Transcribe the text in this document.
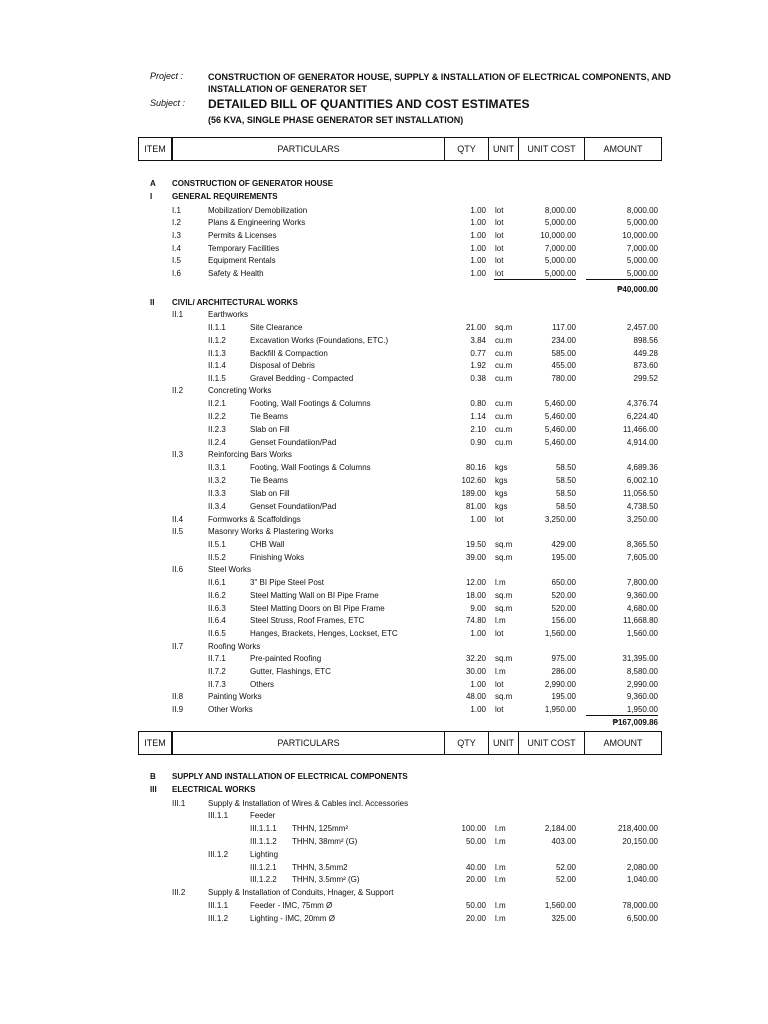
Project :	CONSTRUCTION OF GENERATOR HOUSE, SUPPLY & INSTALLATION OF ELECTRICAL COMPONENTS, AND
INSTALLATION OF GENERATOR SET
Subject : DETAILED BILL OF QUANTITIES AND COST ESTIMATES
(56 KVA, SINGLE PHASE GENERATOR SET INSTALLATION)
ITEM	PARTICULARS	QTY	UNIT	UNIT COST	AMOUNT
ITEM	PARTICULARS	QTY	UNIT	UNIT COST	AMOUNT
A CONSTRUCTION OF GENERATOR HOUSE
I GENERAL REQUIREMENTS
I.1	Mobilization/ Demobilization	1.00 lot	8,000.00	8,000.00
I.2	Plans & Engineering Works	1.00 lot	5,000.00	5,000.00
I.3	Permits & Licenses	1.00 lot	10,000.00	10,000.00
I.4	Temporary Facilities	1.00 lot	7,000.00	7,000.00
I.5	Equipment Rentals	1.00 lot	5,000.00	5,000.00
I.6	Safety & Health	1.00 lot	5,000.00	5,000.00
₱40,000.00
II CIVIL/ ARCHITECTURAL WORKS
II.1	Earthworks
II.1.1	Site Clearance	21.00 sq.m	117.00	2,457.00
II.1.2	Excavation Works (Foundations, ETC.)	3.84 cu.m	234.00	898.56
II.1.3	Backfill & Compaction	0.77 cu.m	585.00	449.28
II.1.4	Disposal of Debris	1.92 cu.m	455.00	873.60
II.1.5	Gravel Bedding - Compacted	0.38 cu.m	780.00	299.52
II.2	Concreting Works
II.2.1	Footing, Wall Footings & Columns	0.80 cu.m	5,460.00	4,376.74
II.2.2	Tie Beams	1.14 cu.m	5,460.00	6,224.40
II.2.3	Slab on Fill	2.10 cu.m	5,460.00	11,466.00
II.2.4	Genset Foundatiion/Pad	0.90 cu.m	5,460.00	4,914.00
II.3	Reinforcing Bars Works
II.3.1	Footing, Wall Footings & Columns	80.16 kgs	58.50	4,689.36
II.3.2	Tie Beams	102.60 kgs	58.50	6,002.10
II.3.3	Slab on Fill	189.00 kgs	58.50	11,056.50
II.3.4	Genset Foundatiion/Pad	81.00 kgs	58.50	4,738.50
II.4	Formworks & Scaffoldings	1.00 lot	3,250.00	3,250.00
II.5	Masonry Works & Plastering Works
II.5.1	CHB Wall	19.50 sq.m	429.00	8,365.50
II.5.2	Finishing Woks	39.00 sq.m	195.00	7,605.00
II.6	Steel Works
II.6.1	3" BI Pipe Steel Post	12.00 l.m	650.00	7,800.00
II.6.2	Steel Matting Wall on BI Pipe Frame	18.00 sq.m	520.00	9,360.00
II.6.3	Steel Matting Doors on BI Pipe Frame	9.00 sq.m	520.00	4,680.00
II.6.4	Steel Struss, Roof Frames, ETC	74.80 l.m	156.00	11,668.80
II.6.5	Hanges, Brackets, Henges, Lockset, ETC	1.00 lot	1,560.00	1,560.00
II.7	Roofing Works
II.7.1	Pre-painted Roofing	32.20 sq.m	975.00	31,395.00
II.7.2	Gutter, Flashings, ETC	30.00 l.m	286.00	8,580.00
II.7.3	Others	1.00 lot	2,990.00	2,990.00
II.8	Painting Works	48.00 sq.m	195.00	9,360.00
II.9	Other Works	1.00 lot	1,950.00	1,950.00
₱167,009.86
B SUPPLY AND INSTALLATION OF ELECTRICAL COMPONENTS
III ELECTRICAL WORKS
III.1	Supply & Installation of Wires & Cables incl. Accessories
III.1.1	Feeder
III.1.1.1 THHN, 125mm²	100.00 l.m	2,184.00	218,400.00
III.1.1.2 THHN, 38mm² (G)	50.00 l.m	403.00	20,150.00
III.1.2	Lighting
III.1.2.1 THHN, 3.5mm2	40.00 l.m	52.00	2,080.00
III.1.2.2 THHN, 3.5mm² (G)	20.00 l.m	52.00	1,040.00
III.2	Supply & Installation of Conduits, Hnager, & Support
III.1.1	Feeder - IMC, 75mm Ø	50.00 l.m	1,560.00	78,000.00
III.1.2	Lighting - IMC, 20mm Ø	20.00 l.m	325.00	6,500.00
